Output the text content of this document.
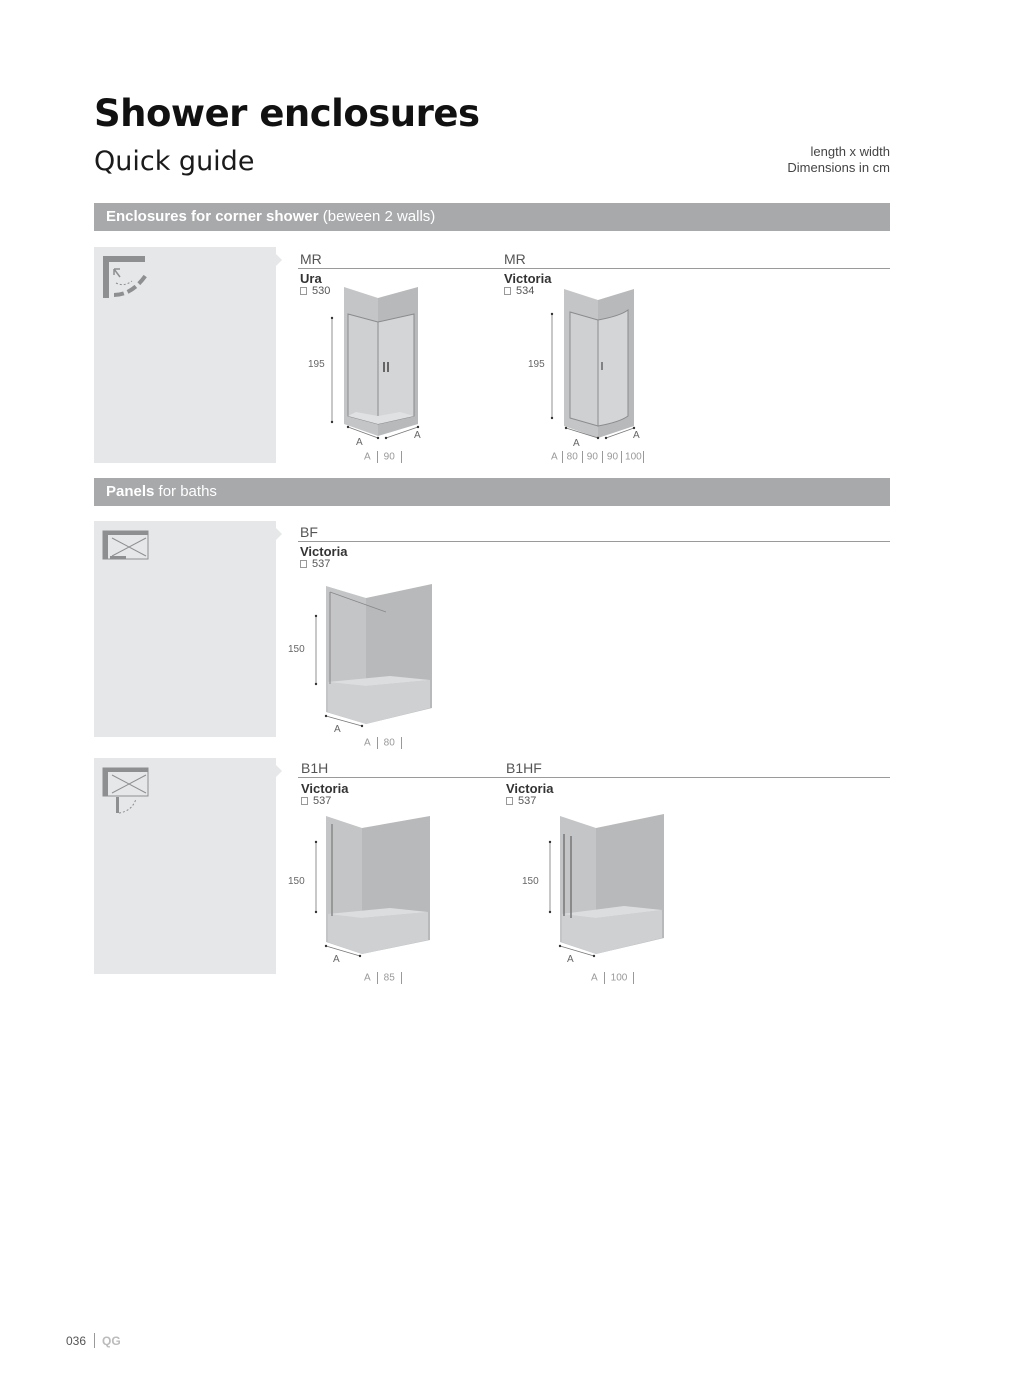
Shower enclosures
Quick guide	length x width
Dimensions in cm
Enclosures for corner shower (beween 2 walls)
MR
Ura
530
195
A
A
A 90
MR
Victoria
534
195
A
A
A 80 90 90 100
Panels for baths
BF
Victoria
537
150
A
A 80
B1H
Victoria
537
150
A
A 85
B1HF
Victoria
537
150
A
A 100
036 QG
